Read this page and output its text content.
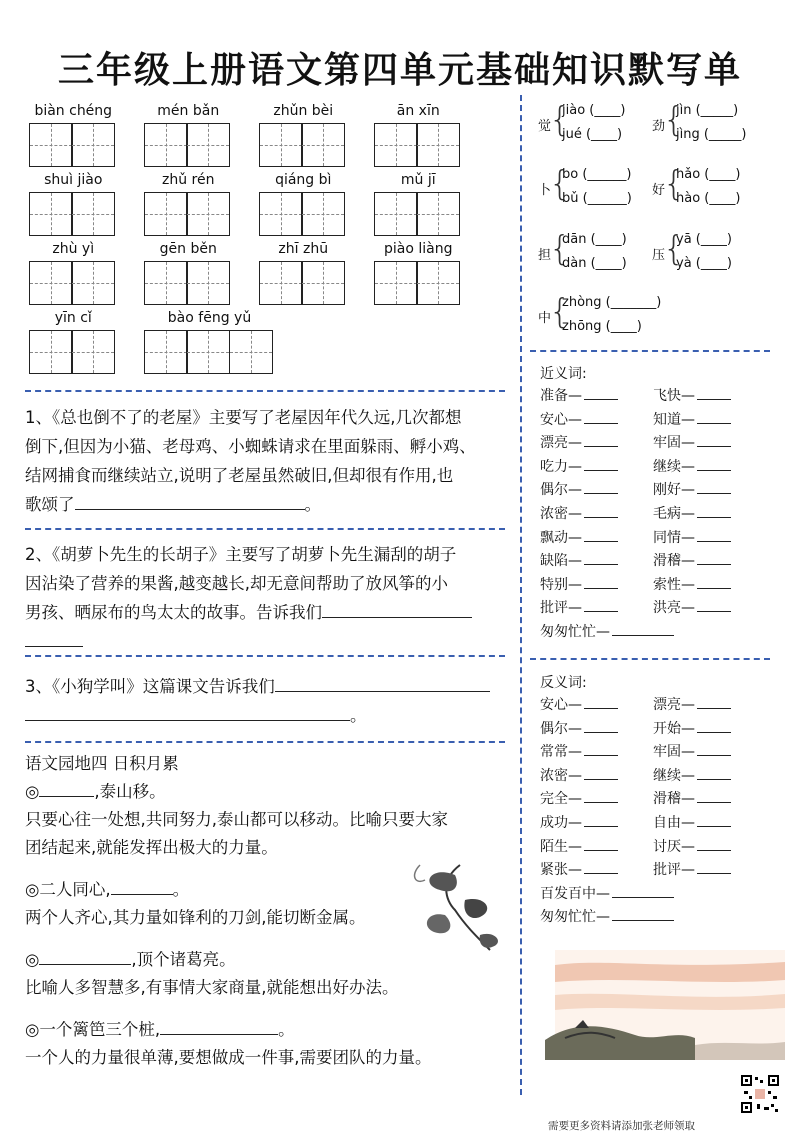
三年级上册语文第四单元基础知识默写单
biàn chéng	mén bǎn	zhǔn bèi	ān xīn
shuì jiào	zhǔ rén	qiáng bì	mǔ jī
zhù yì	gēn běn	zhī zhū	piào liàng
yīn cǐ	bào fēng yǔ
1、《总也倒不了的老屋》主要写了老屋因年代久远,几次都想
倒下,但因为小猫、老母鸡、小蜘蛛请求在里面躲雨、孵小鸡、
结网捕食而继续站立,说明了老屋虽然破旧,但却很有作用,也
歌颂了	。
2、《胡萝卜先生的长胡子》主要写了胡萝卜先生漏刮的胡子
因沾染了营养的果酱,越变越长,却无意间帮助了放风筝的小
男孩、晒尿布的鸟太太的故事。告诉我们
3、《小狗学叫》这篇课文告诉我们
。
语文园地四 日积月累
◎	,泰山移。
只要心往一处想,共同努力,泰山都可以移动。比喻只要大家
团结起来,就能发挥出极大的力量。
◎二人同心,	。
两个人齐心,其力量如锋利的刀剑,能切断金属。
◎	,顶个诸葛亮。
比喻人多智慧多,有事情大家商量,就能想出好办法。
◎一个篱笆三个桩,	。
一个人的力量很单薄,要想做成一件事,需要团队的力量。
觉
{
jiào (____)
jué (____)
劲
{
jìn (_____)
jìng (_____)
卜
{
bo (______)
bǔ (______)
好
{
hǎo (____)
hào (____)
担
{
dān (____)
dàn (____)
压
{
yā (____)
yà (____)
中
{
zhòng (_______)
zhōng (____)
近义词:
准备—	飞快—
安心—	知道—
漂亮—	牢固—
吃力—	继续—
偶尔—	刚好—
浓密—	毛病—
飘动—	同情—
缺陷—	滑稽—
特别—	索性—
批评—	洪亮—
匆匆忙忙—
反义词:
安心—	漂亮—
偶尔—	开始—
常常—	牢固—
浓密—	继续—
完全—	滑稽—
成功—	自由—
陌生—	讨厌—
紧张—	批评—
百发百中—
匆匆忙忙—
需要更多资料请添加张老师领取
